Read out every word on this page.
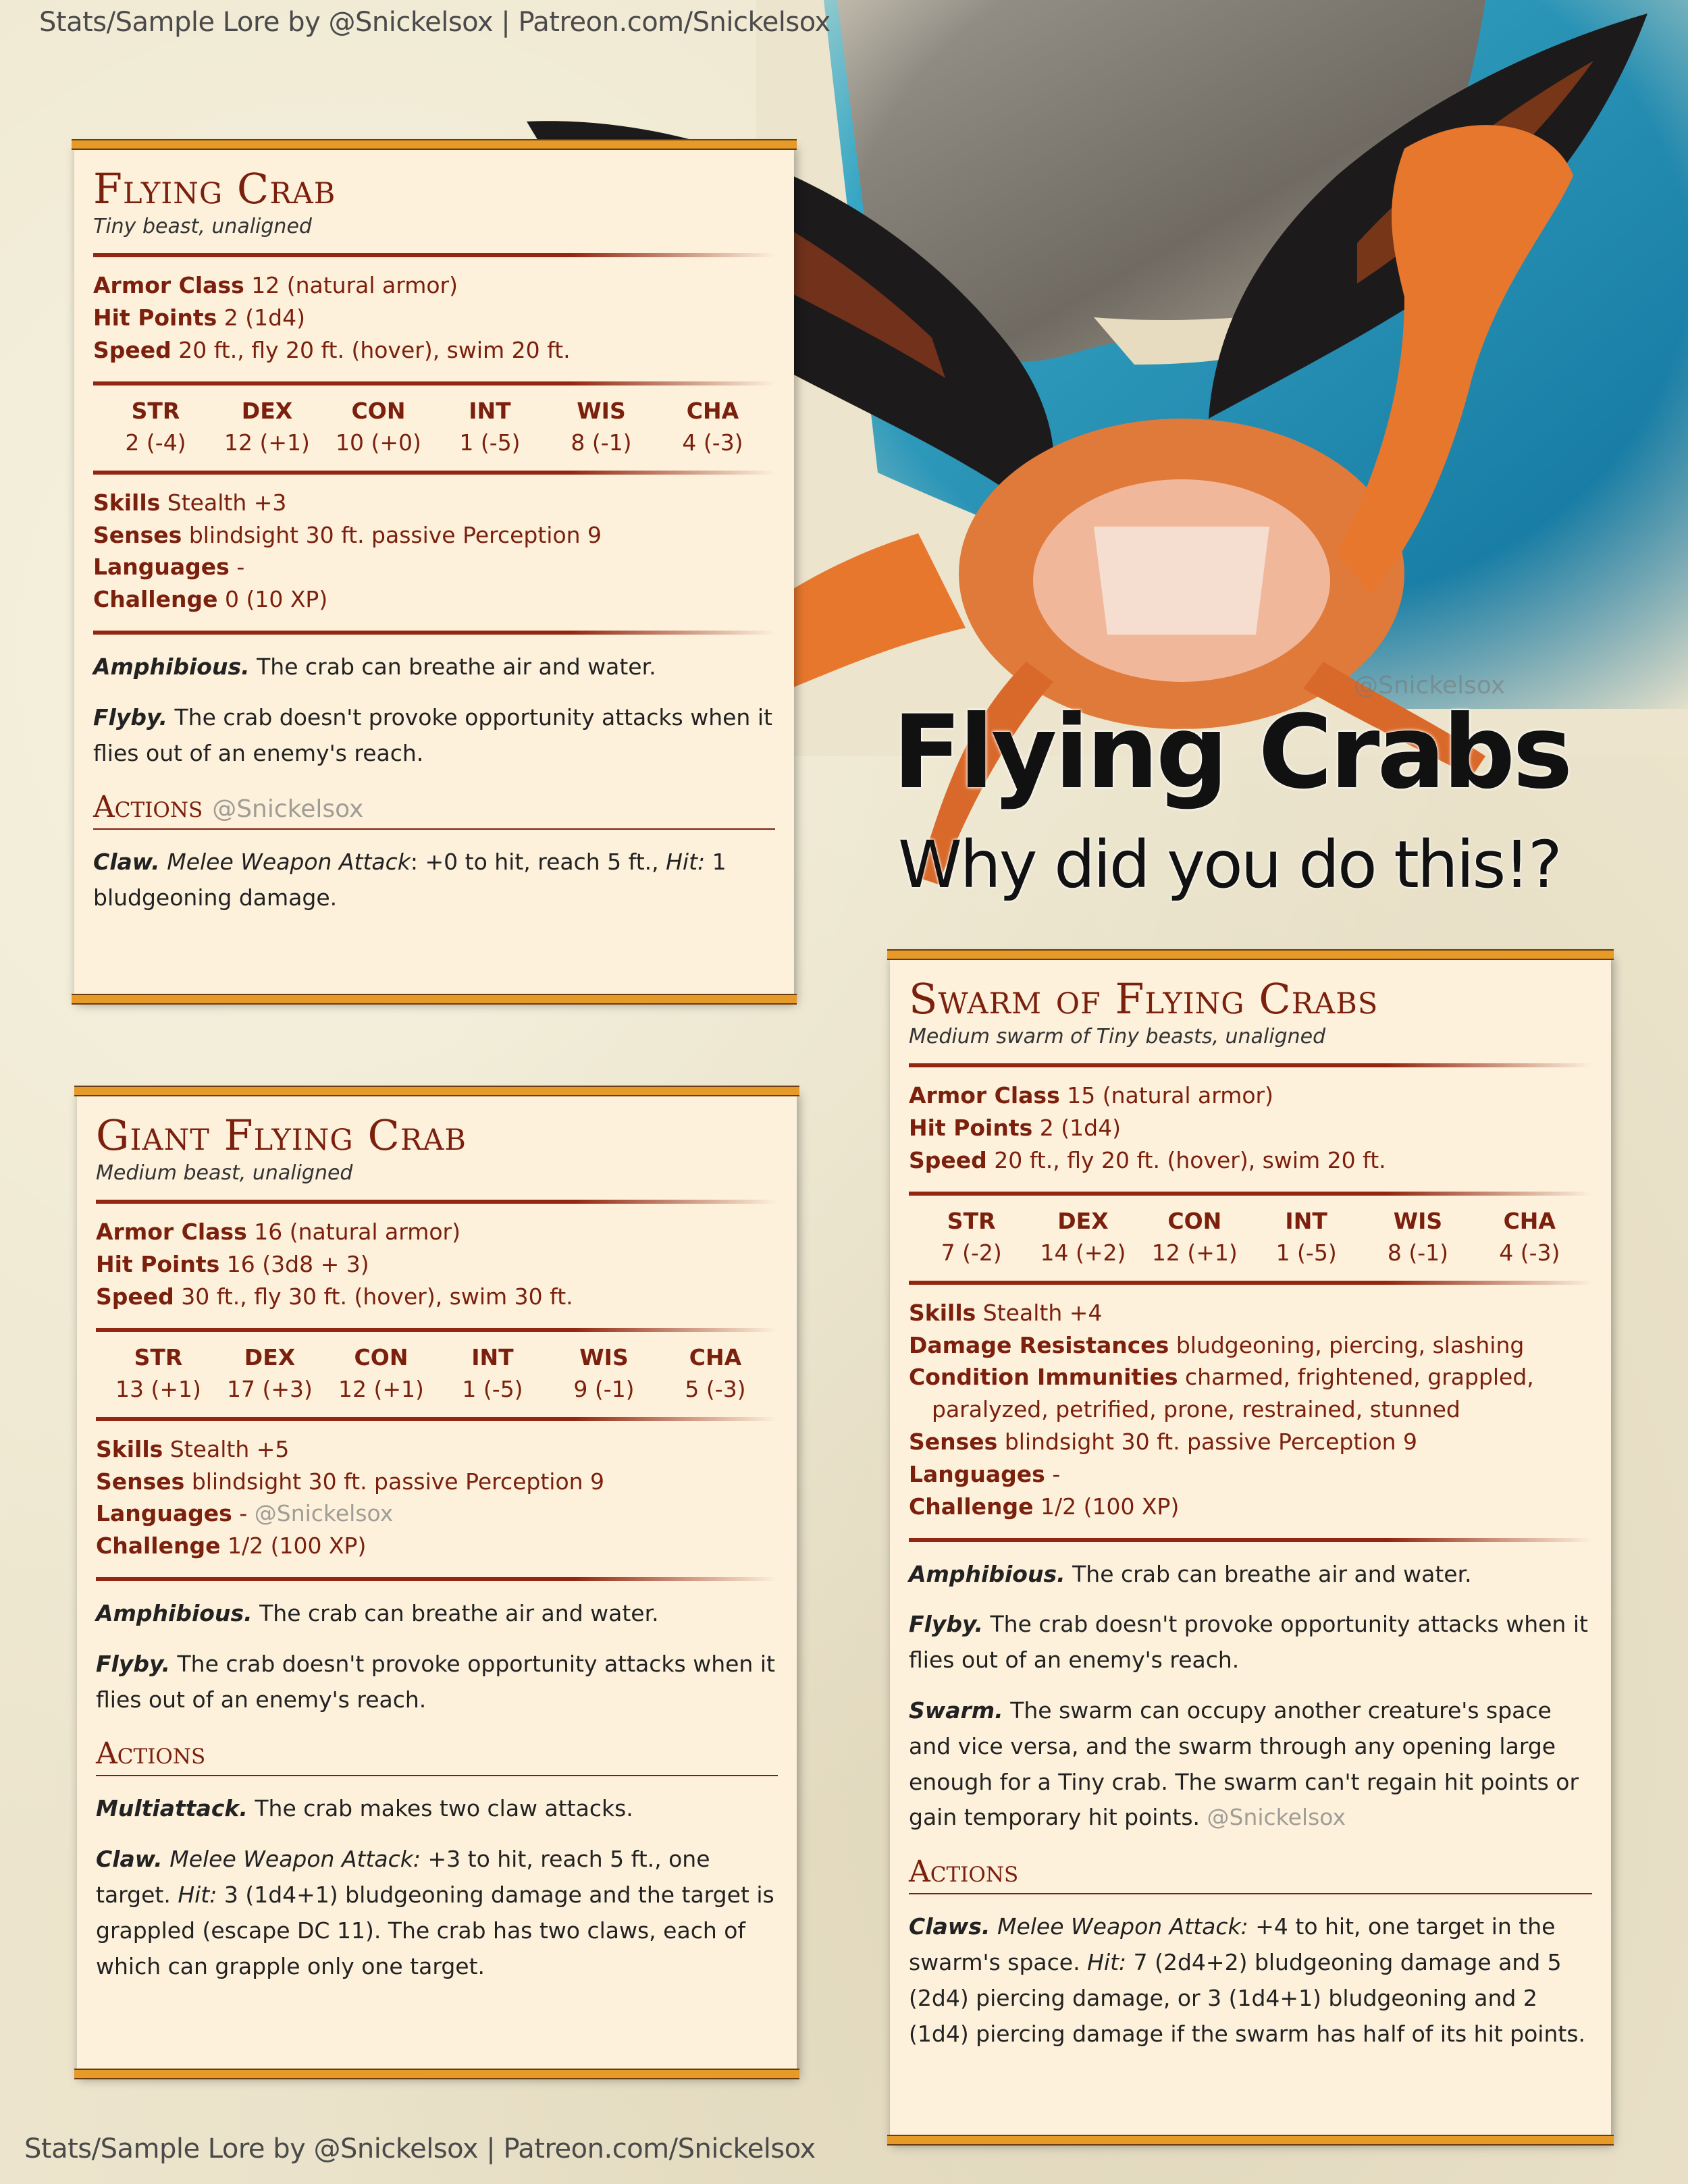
Stats/Sample Lore by @Snickelsox | Patreon.com/Snickelsox
Flying Crabs
Why did you do this!?
@Snickelsox
Flying Crab
Tiny beast, unaligned
Armor Class 12 (natural armor)
Hit Points 2 (1d4)
Speed 20 ft., fly 20 ft. (hover), swim 20 ft.
STR
2 (-4)
DEX
12 (+1)
CON
10 (+0)
INT
1 (-5)
WIS
8 (-1)
CHA
4 (-3)
Skills Stealth +3
Senses blindsight 30 ft. passive Perception 9
Languages -
Challenge 0 (10 XP)

Amphibious. The crab can breathe air and water.

Flyby. The crab doesn't provoke opportunity attacks when it flies out of an enemy's reach.

Actions @Snickelsox

Claw. Melee Weapon Attack: +0 to hit, reach 5 ft., Hit: 1 bludgeoning damage.

Giant Flying Crab
Medium beast, unaligned
Armor Class 16 (natural armor)
Hit Points 16 (3d8 + 3)
Speed 30 ft., fly 30 ft. (hover), swim 30 ft.
STR
13 (+1)
DEX
17 (+3)
CON
12 (+1)
INT
1 (-5)
WIS
9 (-1)
CHA
5 (-3)
Skills Stealth +5
Senses blindsight 30 ft. passive Perception 9
Languages - @Snickelsox
Challenge 1/2 (100 XP)

Amphibious. The crab can breathe air and water.

Flyby. The crab doesn't provoke opportunity attacks when it flies out of an enemy's reach.

Actions

Multiattack. The crab makes two claw attacks.

Claw. Melee Weapon Attack: +3 to hit, reach 5 ft., one target. Hit: 3 (1d4+1) bludgeoning damage and the target is grappled (escape DC 11). The crab has two claws, each of which can grapple only one target.

Swarm of Flying Crabs
Medium swarm of Tiny beasts, unaligned
Armor Class 15 (natural armor)
Hit Points 2 (1d4)
Speed 20 ft., fly 20 ft. (hover), swim 20 ft.
STR
7 (-2)
DEX
14 (+2)
CON
12 (+1)
INT
1 (-5)
WIS
8 (-1)
CHA
4 (-3)
Skills Stealth +4
Damage Resistances bludgeoning, piercing, slashing
Condition Immunities charmed, frightened, grappled,
paralyzed, petrified, prone, restrained, stunned
Senses blindsight 30 ft. passive Perception 9
Languages -
Challenge 1/2 (100 XP)

Amphibious. The crab can breathe air and water.

Flyby. The crab doesn't provoke opportunity attacks when it flies out of an enemy's reach.

Swarm. The swarm can occupy another creature's space and vice versa, and the swarm through any opening large enough for a Tiny crab. The swarm can't regain hit points or gain temporary hit points. @Snickelsox

Actions

Claws. Melee Weapon Attack: +4 to hit, one target in the swarm's space. Hit: 7 (2d4+2) bludgeoning damage and 5 (2d4) piercing damage, or 3 (1d4+1) bludgeoning and 2 (1d4) piercing damage if the swarm has half of its hit points.

Stats/Sample Lore by @Snickelsox | Patreon.com/Snickelsox
